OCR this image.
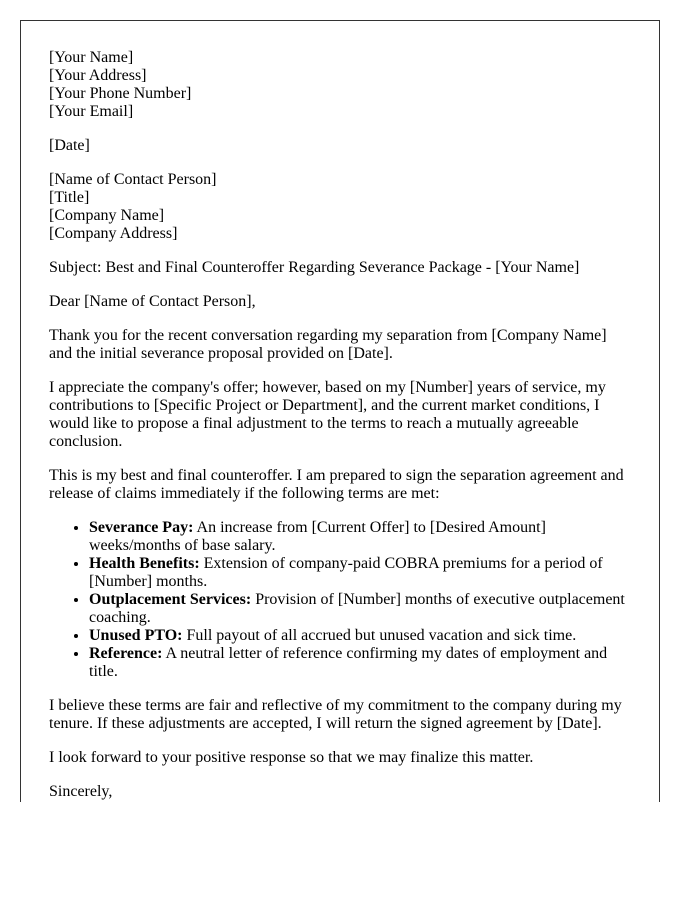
[Your Name]
[Your Address]
[Your Phone Number]
[Your Email]

[Date]

[Name of Contact Person]
[Title]
[Company Name]
[Company Address]

Subject: Best and Final Counteroffer Regarding Severance Package - [Your Name]

Dear [Name of Contact Person],

Thank you for the recent conversation regarding my separation from [Company Name] and the initial severance proposal provided on [Date].

I appreciate the company's offer; however, based on my [Number] years of service, my contributions to [Specific Project or Department], and the current market conditions, I would like to propose a final adjustment to the terms to reach a mutually agreeable conclusion.

This is my best and final counteroffer. I am prepared to sign the separation agreement and release of claims immediately if the following terms are met:

• Severance Pay: An increase from [Current Offer] to [Desired Amount] weeks/months of base salary.
• Health Benefits: Extension of company-paid COBRA premiums for a period of [Number] months.
• Outplacement Services: Provision of [Number] months of executive outplacement coaching.
• Unused PTO: Full payout of all accrued but unused vacation and sick time.
• Reference: A neutral letter of reference confirming my dates of employment and title.

I believe these terms are fair and reflective of my commitment to the company during my tenure. If these adjustments are accepted, I will return the signed agreement by [Date].

I look forward to your positive response so that we may finalize this matter.

Sincerely,
